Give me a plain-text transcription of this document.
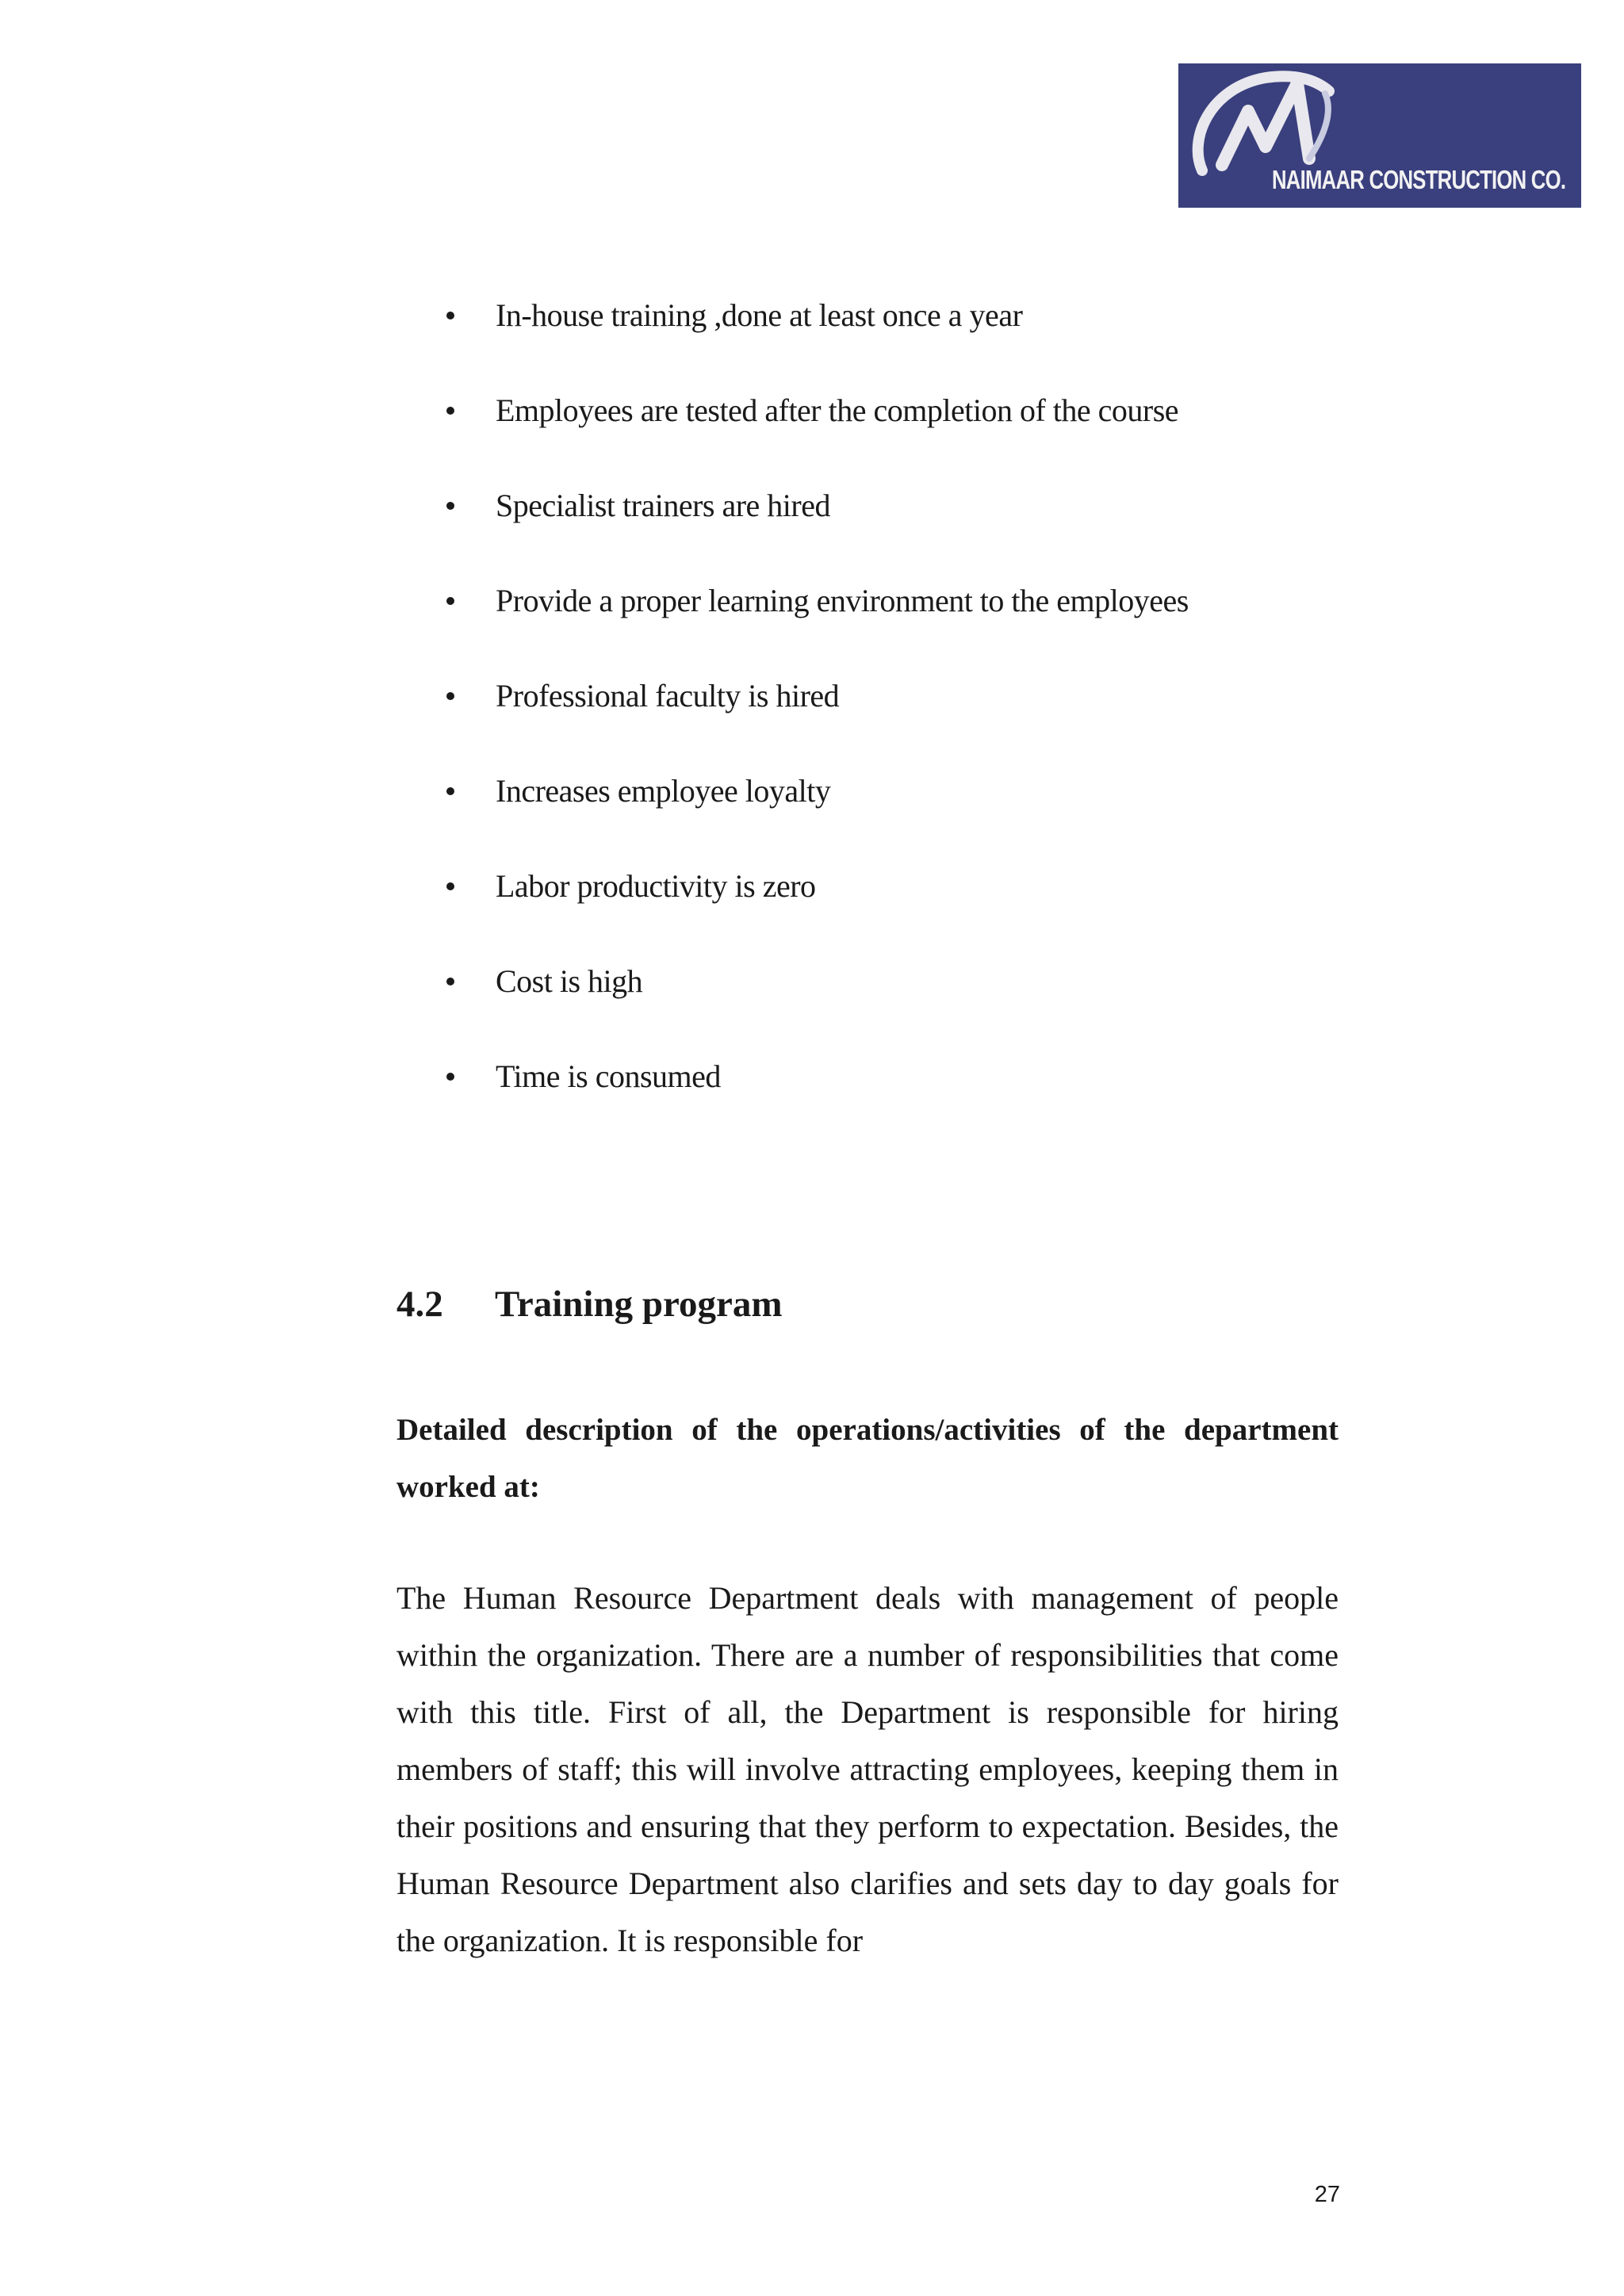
NAIMAAR CONSTRUCTION CO.
In-house training ,done at least once a year
Employees are tested after the completion of the course
Specialist trainers are hired
Provide a proper learning environment to the employees
Professional faculty is hired
Increases employee loyalty
Labor productivity is zero
Cost is high
Time is consumed
4.2 Training program
Detailed description of the operations/activities of the department worked at:
The Human Resource Department deals with management of people within the organization. There are a number of responsibilities that come with this title. First of all, the Department is responsible for hiring members of staff; this will involve attracting employees, keeping them in their positions and ensuring that they perform to expectation. Besides, the Human Resource Department also clarifies and sets day to day goals for the organization. It is responsible for
27
